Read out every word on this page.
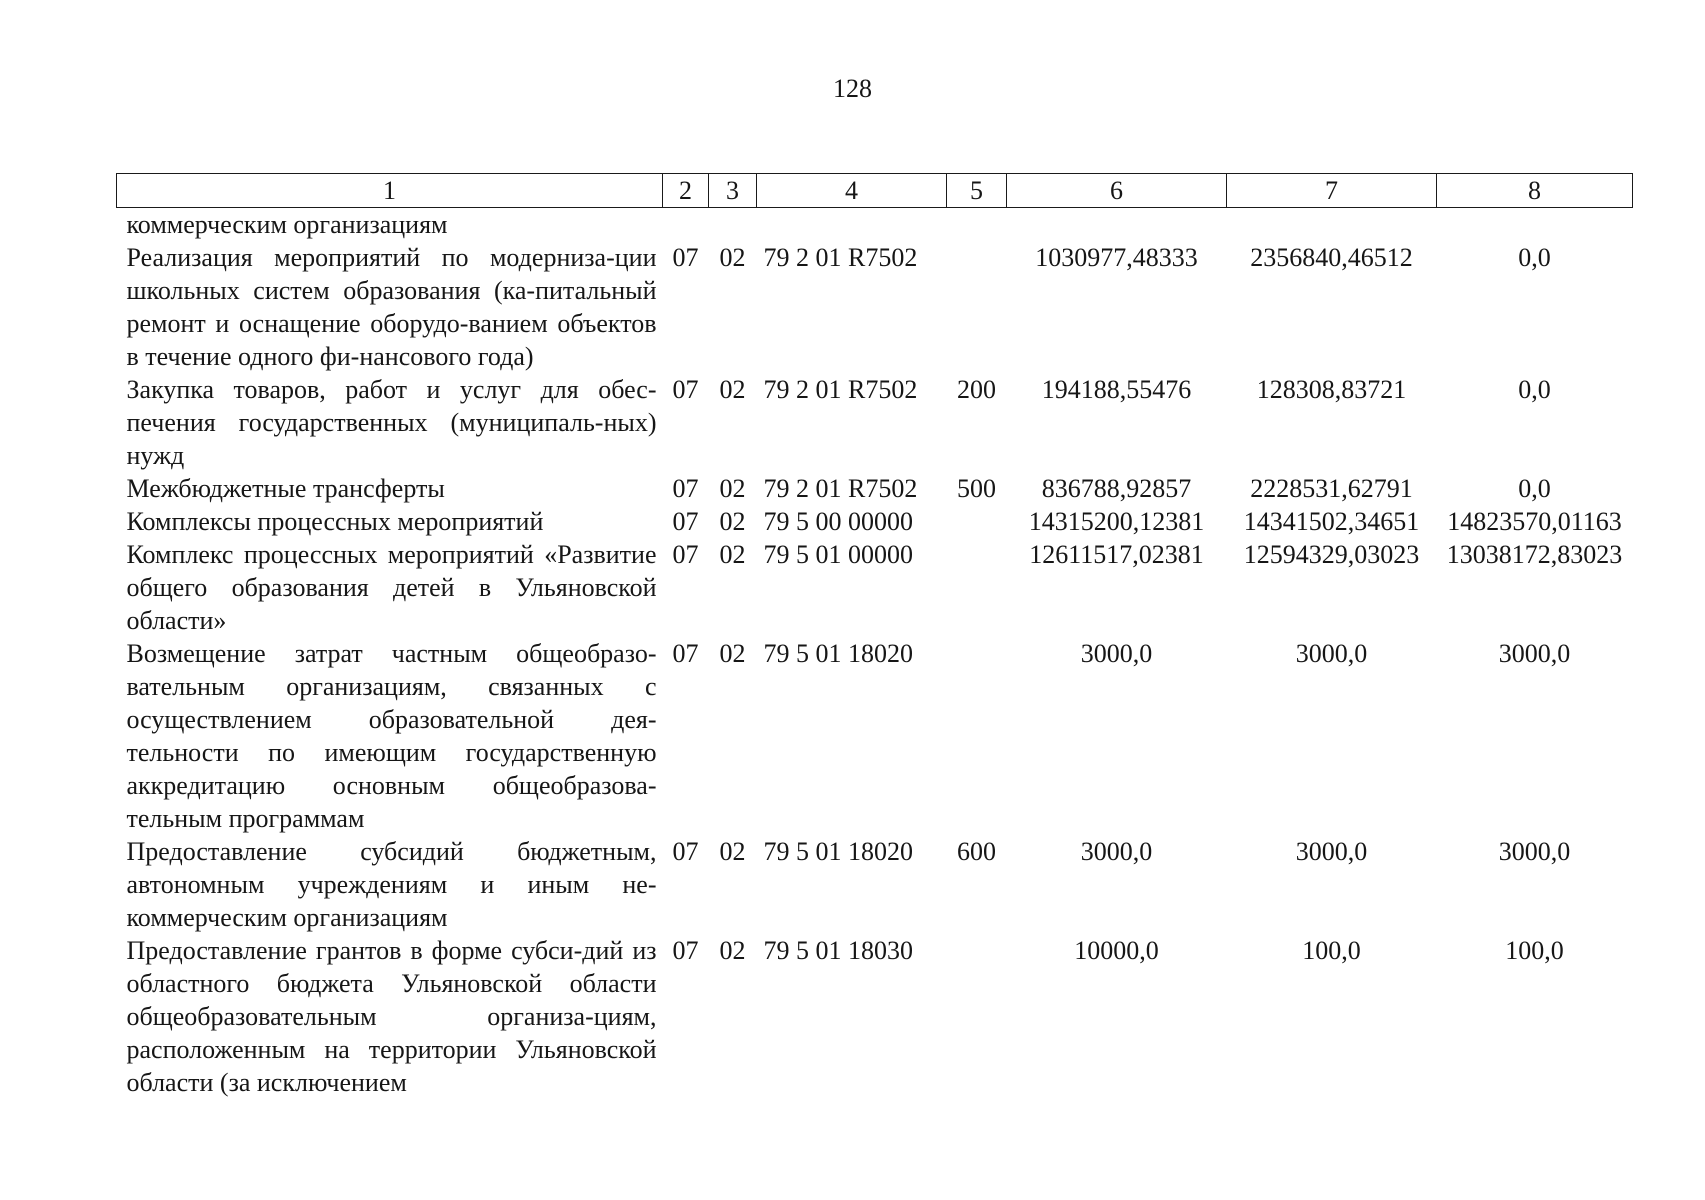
128
1	2	3	4	5	6	7	8

коммерческим организациям							

Реализация мероприятий по модерниза-ции школьных систем образования (ка-питальный ремонт и оснащение оборудо-ванием объектов в течение одного фи-нансового года)	07	02	79 2 01 R7502		1030977,48333	2356840,46512	0,0

Закупка товаров, работ и услуг для обес-печения государственных (муниципаль-ных) нужд	07	02	79 2 01 R7502	200	194188,55476	128308,83721	0,0

Межбюджетные трансферты	07	02	79 2 01 R7502	500	836788,92857	2228531,62791	0,0

Комплексы процессных мероприятий	07	02	79 5 00 00000		14315200,12381	14341502,34651	14823570,01163

Комплекс процессных мероприятий «Развитие общего образования детей в Ульяновской области»	07	02	79 5 01 00000		12611517,02381	12594329,03023	13038172,83023

Возмещение затрат частным общеобразо-вательным организациям, связанных с осуществлением образовательной дея-тельности по имеющим государственную аккредитацию основным общеобразова-тельным программам	07	02	79 5 01 18020		3000,0	3000,0	3000,0

Предоставление субсидий бюджетным, автономным учреждениям и иным не-коммерческим организациям	07	02	79 5 01 18020	600	3000,0	3000,0	3000,0

Предоставление грантов в форме субси-дий из областного бюджета Ульяновской области общеобразовательным организа-циям, расположенным на территории Ульяновской области (за исключением	07	02	79 5 01 18030		10000,0	100,0	100,0
